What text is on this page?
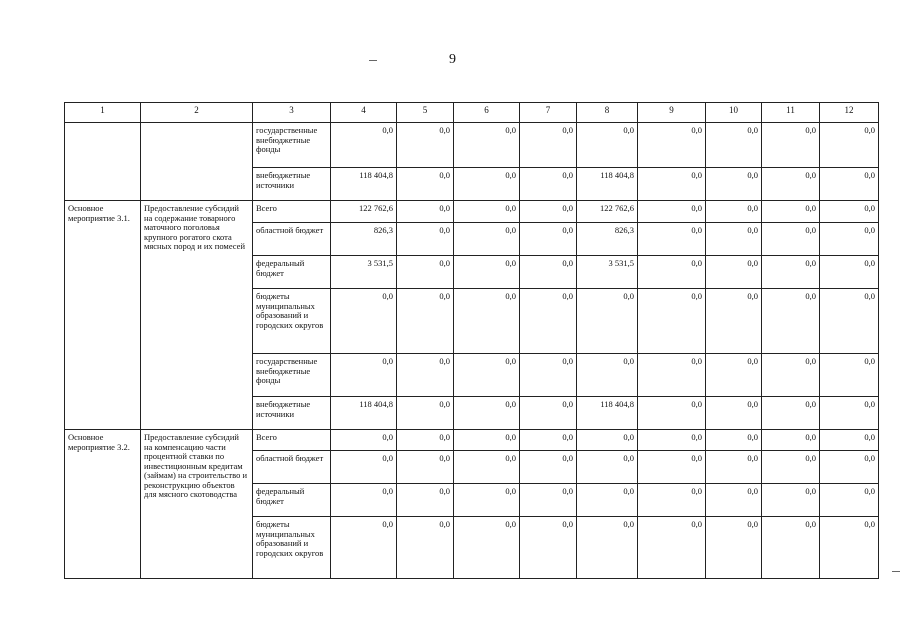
9
1	2	3	4	5	6	7	8	9	10	11	12
		государственные внебюджетные фонды	0,0	0,0	0,0	0,0	0,0	0,0	0,0	0,0	0,0
		внебюджетные источники	118 404,8	0,0	0,0	0,0	118 404,8	0,0	0,0	0,0	0,0
Основное мероприятие 3.1.	Предоставление субсидий на содержание товарного маточного поголовья крупного рогатого скота мясных пород и их помесей	Всего	122 762,6	0,0	0,0	0,0	122 762,6	0,0	0,0	0,0	0,0
		областной бюджет	826,3	0,0	0,0	0,0	826,3	0,0	0,0	0,0	0,0
		федеральный бюджет	3 531,5	0,0	0,0	0,0	3 531,5	0,0	0,0	0,0	0,0
		бюджеты муниципальных образований и городских округов	0,0	0,0	0,0	0,0	0,0	0,0	0,0	0,0	0,0
		государственные внебюджетные фонды	0,0	0,0	0,0	0,0	0,0	0,0	0,0	0,0	0,0
		внебюджетные источники	118 404,8	0,0	0,0	0,0	118 404,8	0,0	0,0	0,0	0,0
Основное мероприятие 3.2.	Предоставление субсидий на компенсацию части процентной ставки по инвестиционным кредитам (займам) на строительство и реконструкцию объектов для мясного скотоводства	Всего	0,0	0,0	0,0	0,0	0,0	0,0	0,0	0,0	0,0
		областной бюджет	0,0	0,0	0,0	0,0	0,0	0,0	0,0	0,0	0,0
		федеральный бюджет	0,0	0,0	0,0	0,0	0,0	0,0	0,0	0,0	0,0
		бюджеты муниципальных образований и городских округов	0,0	0,0	0,0	0,0	0,0	0,0	0,0	0,0	0,0
